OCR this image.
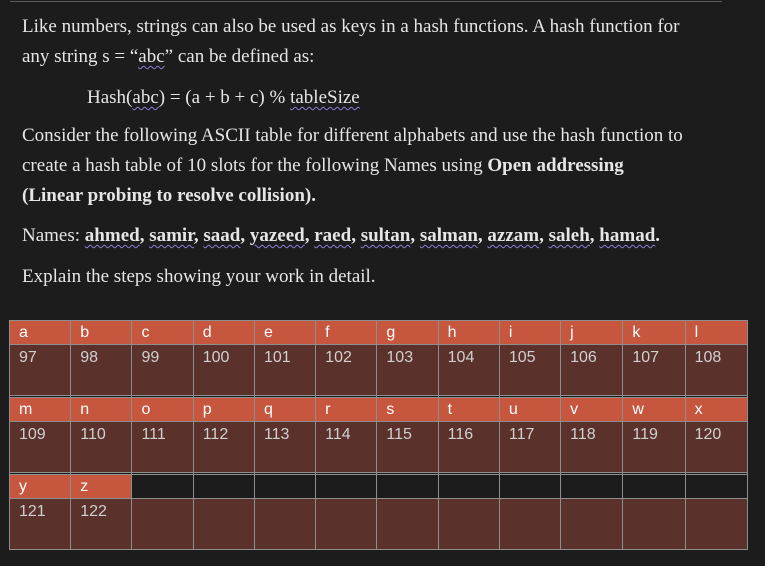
Like numbers, strings can also be used as keys in a hash functions. A hash function for
any string s = “abc” can be defined as:
Hash(abc) = (a + b + c) % tableSize
Consider the following ASCII table for different alphabets and use the hash function to
create a hash table of 10 slots for the following Names using Open addressing
(Linear probing to resolve collision).
Names: ahmed, samir, saad, yazeed, raed, sultan, salman, azzam, saleh, hamad.
Explain the steps showing your work in detail.
a	b	c	d	e	f	g	h	i	j	k	l
97	98	99	100	101	102	103	104	105	106	107	108

m	n	o	p	q	r	s	t	u	v	w	x
109	110	111	112	113	114	115	116	117	118	119	120

y	z										
121	122										
